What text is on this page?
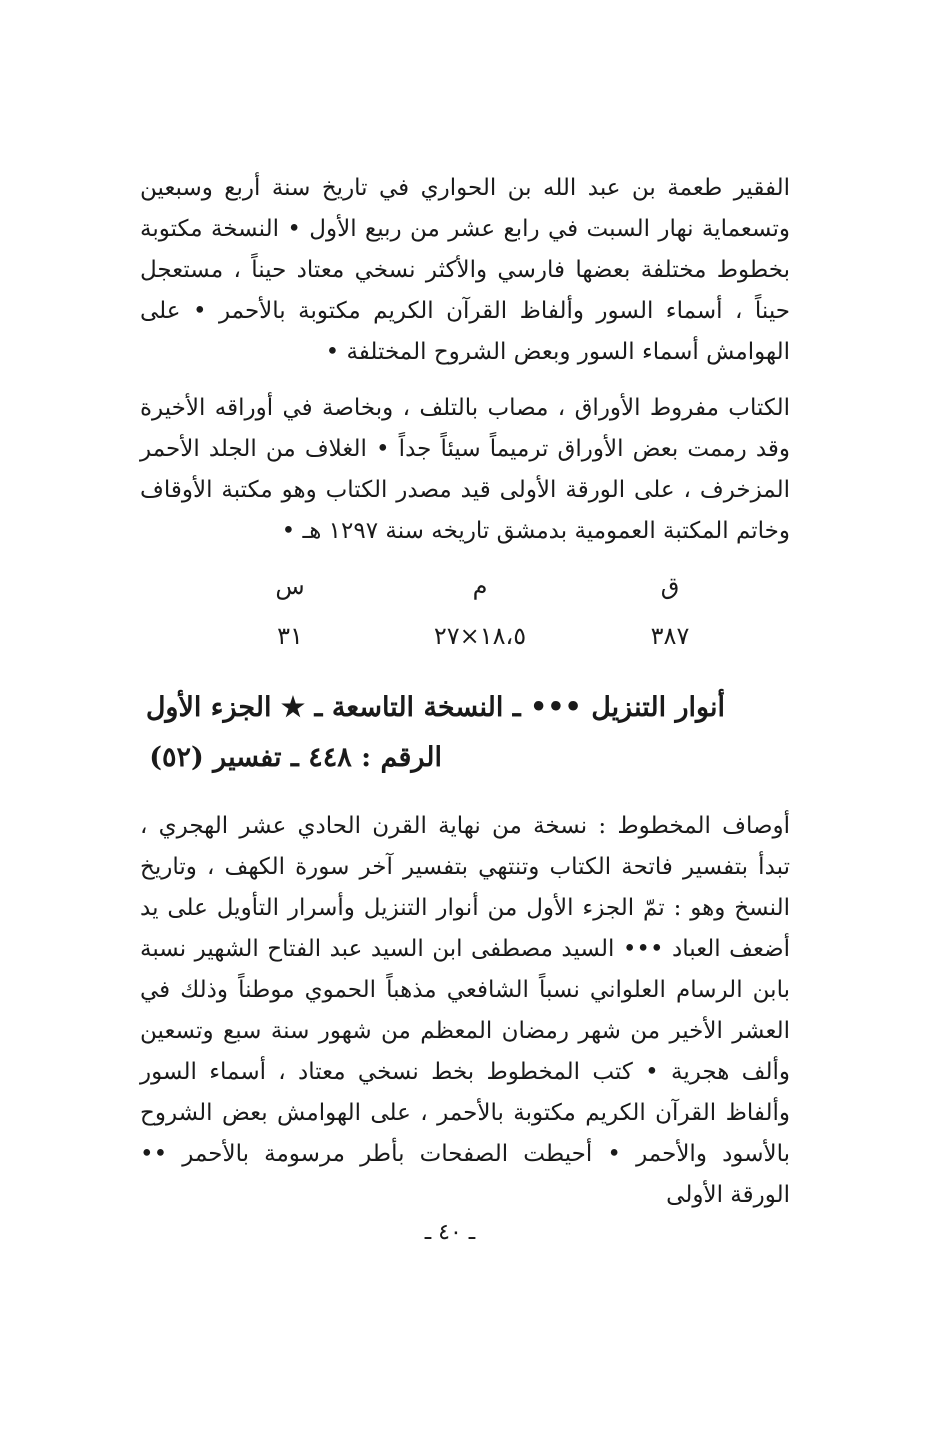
الفقير طعمة بن عبد الله بن الحواري في تاريخ سنة أربع وسبعين وتسعماية نهار السبت في رابع عشر من ربيع الأول • النسخة مكتوبة بخطوط مختلفة بعضها فارسي والأكثر نسخي معتاد حيناً ، مستعجل حيناً ، أسماء السور وألفاظ القرآن الكريم مكتوبة بالأحمر • على الهوامش أسماء السور وبعض الشروح المختلفة •

الكتاب مفروط الأوراق ، مصاب بالتلف ، وبخاصة في أوراقه الأخيرة وقد رممت بعض الأوراق ترميماً سيئاً جداً • الغلاف من الجلد الأحمر المزخرف ، على الورقة الأولى قيد مصدر الكتاب وهو مكتبة الأوقاف وخاتم المكتبة العمومية بدمشق تاريخه سنة ١٢٩٧ هـ •

ق
م
س
٣٨٧
١٨،٥×٢٧
٣١
أنوار التنزيل ••• ـ النسخة التاسعة ـ ★ الجزء الأول
الرقم : ٤٤٨ ـ تفسير (٥٢)

أوصاف المخطوط : نسخة من نهاية القرن الحادي عشر الهجري ، تبدأ بتفسير فاتحة الكتاب وتنتهي بتفسير آخر سورة الكهف ، وتاريخ النسخ وهو : تمّ الجزء الأول من أنوار التنزيل وأسرار التأويل على يد أضعف العباد ••• السيد مصطفى ابن السيد عبد الفتاح الشهير نسبة بابن الرسام العلواني نسباً الشافعي مذهباً الحموي موطناً وذلك في العشر الأخير من شهر رمضان المعظم من شهور سنة سبع وتسعين وألف هجرية • كتب المخطوط بخط نسخي معتاد ، أسماء السور وألفاظ القرآن الكريم مكتوبة بالأحمر ، على الهوامش بعض الشروح بالأسود والأحمر • أحيطت الصفحات بأطر مرسومة بالأحمر •• الورقة الأولى

ـ ٤٠ ـ
